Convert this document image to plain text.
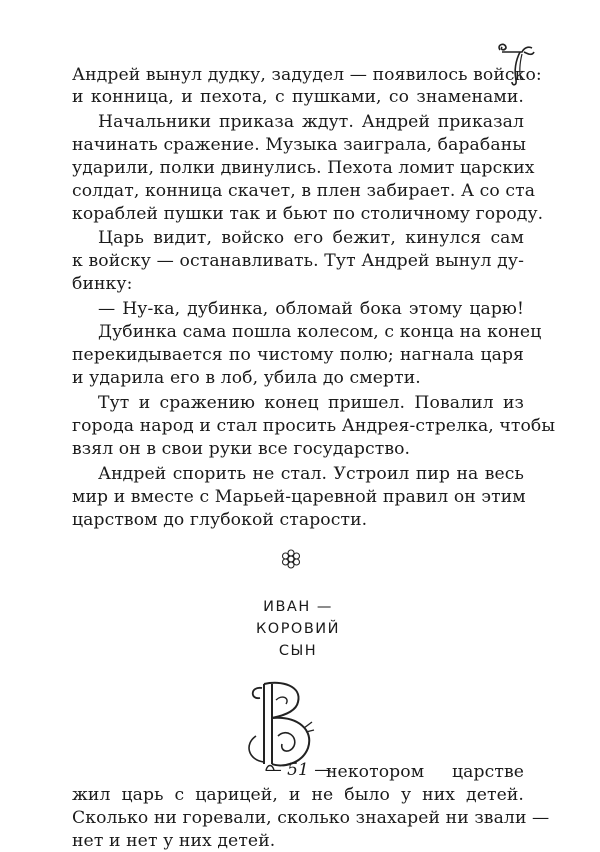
Андрей вынул дудку, задудел — появилось войско:
и конница, и пехота, с пушками, со знаменами.
Начальники приказа ждут. Андрей приказал
начинать сражение. Музыка заиграла, барабаны
ударили, полки двинулись. Пехота ломит царских
солдат, конница скачет, в плен забирает. А со ста
кораблей пушки так и бьют по столичному городу.
Царь видит, войско его бежит, кинулся сам
к войску — останавливать. Тут Андрей вынул ду-
бинку:
— Ну-ка, дубинка, обломай бока этому царю!
Дубинка сама пошла колесом, с конца на конец
перекидывается по чистому полю; нагнала царя
и ударила его в лоб, убила до смерти.
Тут и сражению конец пришел. Повалил из
города народ и стал просить Андрея-стрелка, чтобы
взял он в свои руки все государство.
Андрей спорить не стал. Устроил пир на весь
мир и вместе с Марьей-царевной правил он этим
царством до глубокой старости.
ИВАН —
КОРОВИЙ
СЫН
некотором царстве
жил царь с царицей, и не было у них детей.
Сколько ни горевали, сколько знахарей ни звали —
нет и нет у них детей.
— 51 —
